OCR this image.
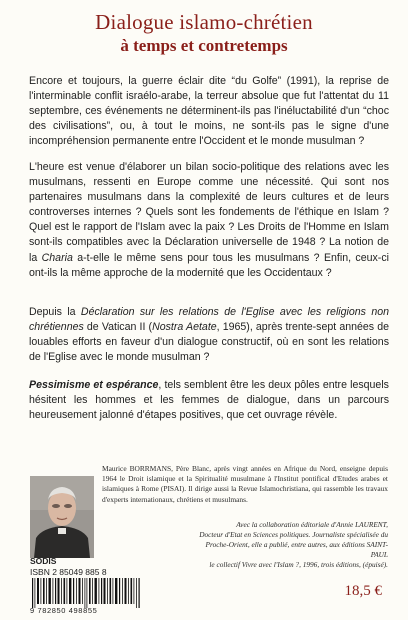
Dialogue islamo-chrétien
à temps et contretemps

Encore et toujours, la guerre éclair dite “du Golfe” (1991), la reprise de l'interminable conflit israélo-arabe, la terreur absolue que fut l'attentat du 11 septembre, ces événements ne déterminent-ils pas l'inéluctabilité d'un “choc des civilisations”, ou, à tout le moins, ne sont-ils pas le signe d'une incompréhension permanente entre l'Occident et le monde musulman ?

L'heure est venue d'élaborer un bilan socio-politique des relations avec les musulmans, ressenti en Europe comme une nécessité. Qui sont nos partenaires musulmans dans la complexité de leurs cultures et de leurs controverses internes ? Quels sont les fondements de l'éthique en Islam ? Quel est le rapport de l'Islam avec la paix ? Les Droits de l'Homme en Islam sont-ils compatibles avec la Déclaration universelle de 1948 ? La notion de la Charia a-t-elle le même sens pour tous les musulmans ? Enfin, ceux-ci ont-ils la même approche de la modernité que les Occidentaux ?

Depuis la Déclaration sur les relations de l'Eglise avec les religions non chrétiennes de Vatican II (Nostra Aetate, 1965), après trente-sept années de louables efforts en faveur d'un dialogue constructif, où en sont les relations de l'Eglise avec le monde musulman ?

Pessimisme et espérance, tels semblent être les deux pôles entre lesquels hésitent les hommes et les femmes de dialogue, dans un parcours heureusement jalonné d'étapes positives, que cet ouvrage révèle.

Maurice BORRMANS, Père Blanc, après vingt années en Afrique du Nord, enseigne depuis 1964 le Droit islamique et la Spiritualité musulmane à l'Institut pontifical d'Etudes arabes et islamiques à Rome (PISAI). Il dirige aussi la Revue Islamochristiana, qui rassemble les travaux d'experts internationaux, chrétiens et musulmans.

Avec la collaboration éditoriale d'Annie LAURENT,
Docteur d'Etat en Sciences politiques. Journaliste spécialisée du
Proche-Orient, elle a publié, entre autres, aux éditions SAINT-PAUL
le collectif Vivre avec l'Islam ?, 1996, trois éditions, (épuisé).

SODIS
ISBN 2 85049 885 8
9 782850 498855
18,5 €
